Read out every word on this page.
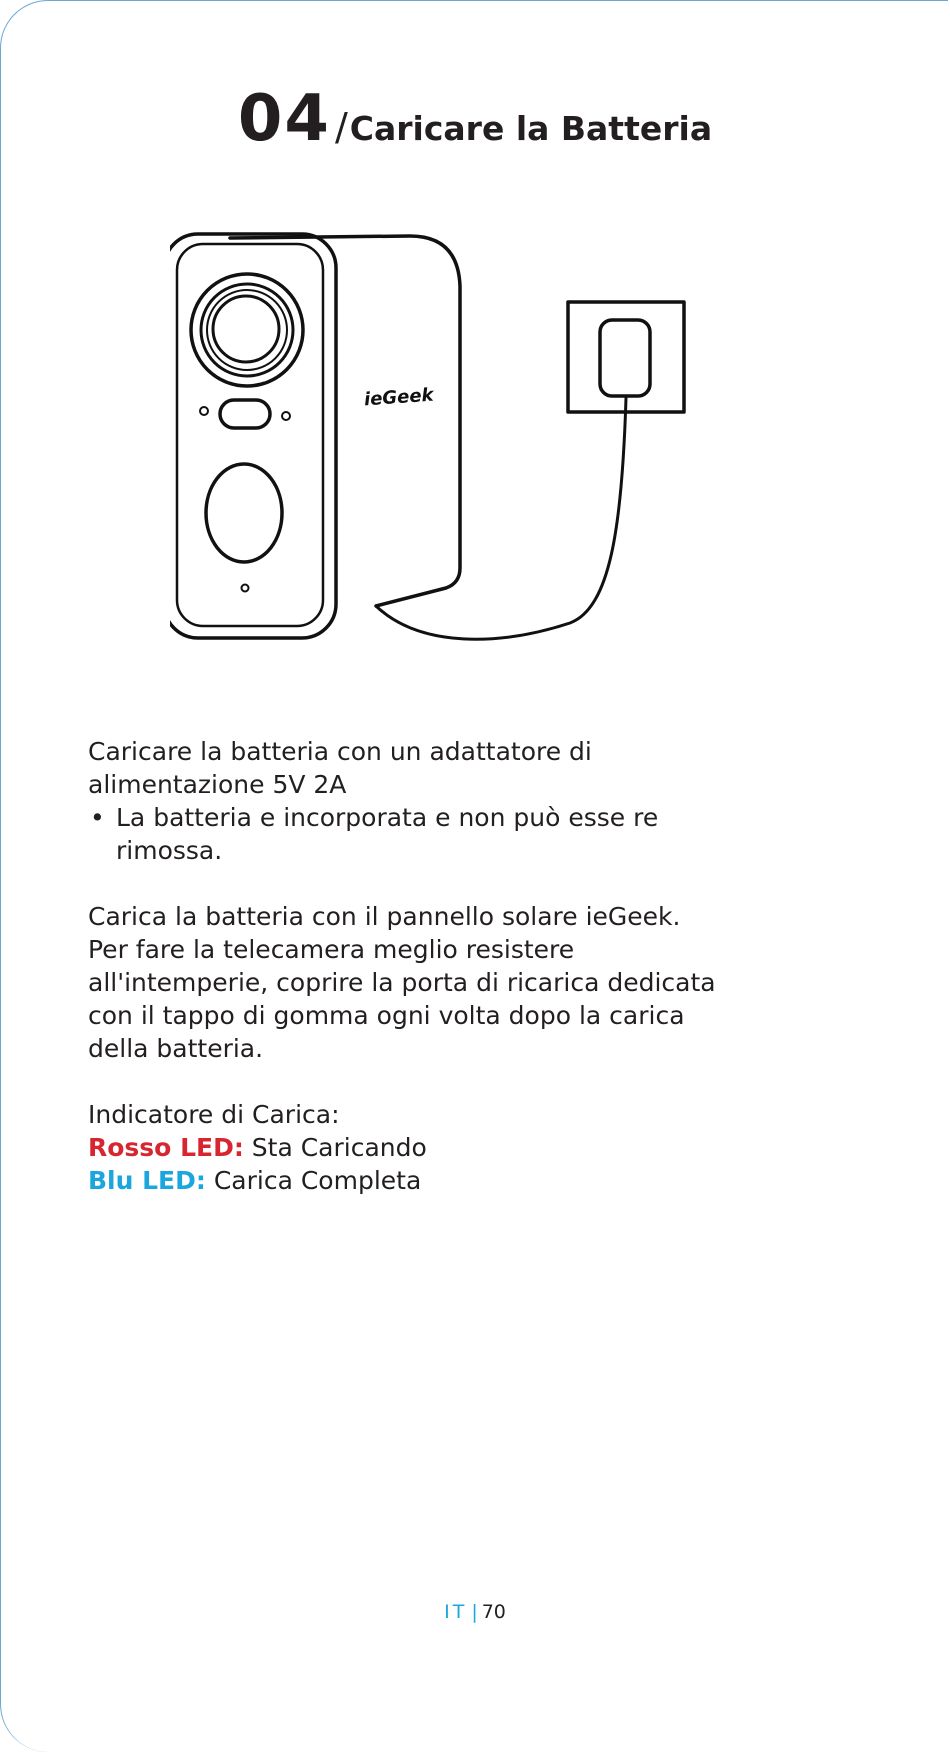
04 /Caricare la Batteria
ieGeek

Caricare la batteria con un adattatore di

alimentazione 5V 2A

• La batteria e incorporata e non può esse re

rimossa.

Carica la batteria con il pannello solare ieGeek.

Per fare la telecamera meglio resistere

all'intemperie, coprire la porta di ricarica dedicata

con il tappo di gomma ogni volta dopo la carica

della batteria.

Indicatore di Carica:

Rosso LED: Sta Caricando

Blu LED: Carica Completa

IT | 70
